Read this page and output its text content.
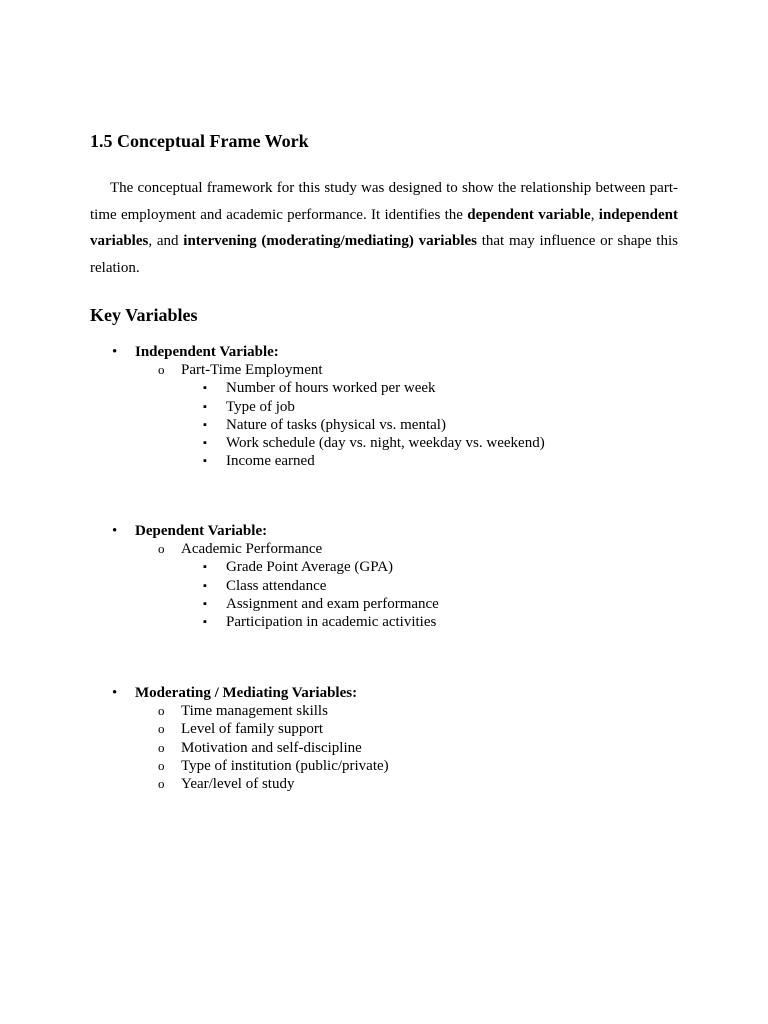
1.5 Conceptual Frame Work

The conceptual framework for this study was designed to show the relationship between part-time employment and academic performance. It identifies the dependent variable, independent variables, and intervening (moderating/mediating) variables that may influence or shape this relation.

Key Variables
• Independent Variable:
o Part-Time Employment
▪ Number of hours worked per week
▪ Type of job
▪ Nature of tasks (physical vs. mental)
▪ Work schedule (day vs. night, weekday vs. weekend)
▪ Income earned
• Dependent Variable:
o Academic Performance
▪ Grade Point Average (GPA)
▪ Class attendance
▪ Assignment and exam performance
▪ Participation in academic activities
• Moderating / Mediating Variables:
o Time management skills
o Level of family support
o Motivation and self-discipline
o Type of institution (public/private)
o Year/level of study
